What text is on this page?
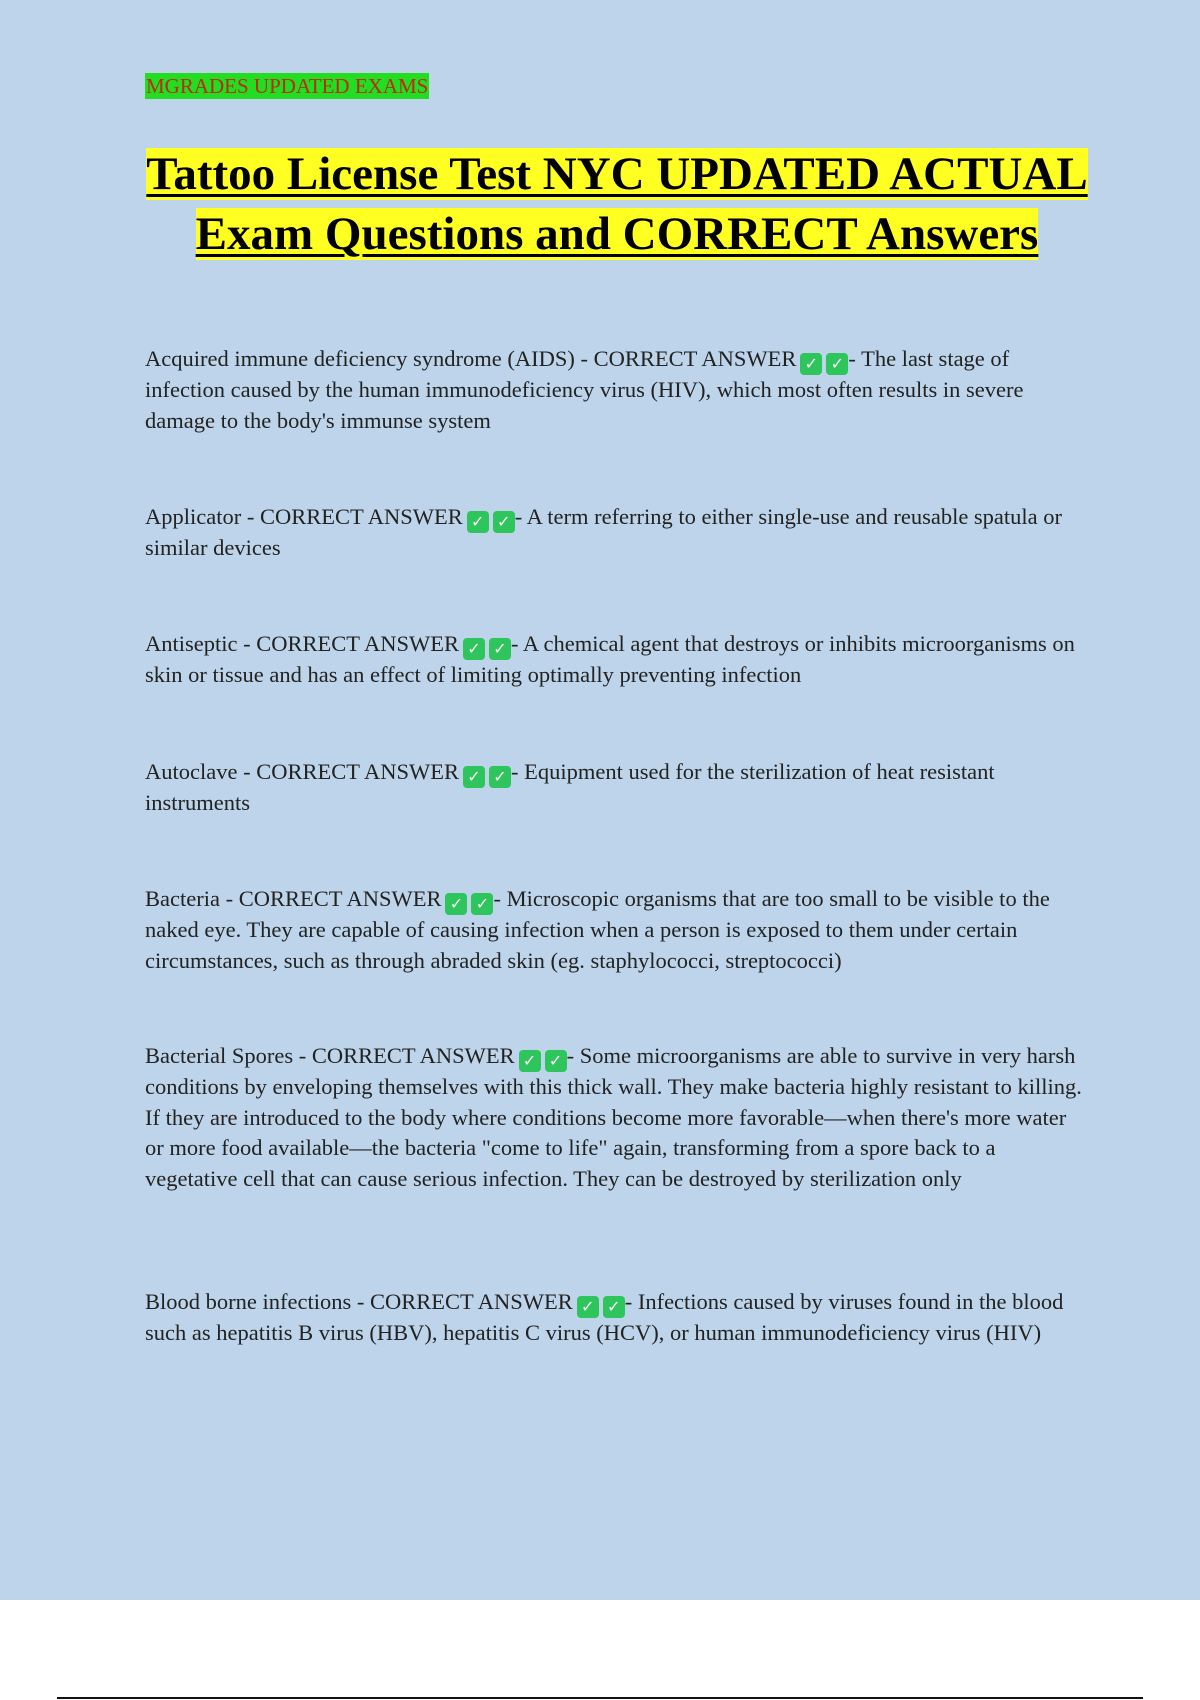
MGRADES UPDATED EXAMS
Tattoo License Test NYC UPDATED ACTUAL Exam Questions and CORRECT Answers
Acquired immune deficiency syndrome (AIDS) - CORRECT ANSWER ✓ ✓ - The last stage of infection caused by the human immunodeficiency virus (HIV), which most often results in severe damage to the body's immunse system
Applicator - CORRECT ANSWER ✓ ✓ - A term referring to either single-use and reusable spatula or similar devices
Antiseptic - CORRECT ANSWER ✓ ✓ - A chemical agent that destroys or inhibits microorganisms on skin or tissue and has an effect of limiting optimally preventing infection
Autoclave - CORRECT ANSWER ✓ ✓ - Equipment used for the sterilization of heat resistant instruments
Bacteria - CORRECT ANSWER ✓ ✓ - Microscopic organisms that are too small to be visible to the naked eye. They are capable of causing infection when a person is exposed to them under certain circumstances, such as through abraded skin (eg. staphylococci, streptococci)
Bacterial Spores - CORRECT ANSWER ✓ ✓ - Some microorganisms are able to survive in very harsh conditions by enveloping themselves with this thick wall. They make bacteria highly resistant to killing. If they are introduced to the body where conditions become more favorable—when there's more water or more food available—the bacteria "come to life" again, transforming from a spore back to a vegetative cell that can cause serious infection. They can be destroyed by sterilization only
Blood borne infections - CORRECT ANSWER ✓ ✓ - Infections caused by viruses found in the blood such as hepatitis B virus (HBV), hepatitis C virus (HCV), or human immunodeficiency virus (HIV)
